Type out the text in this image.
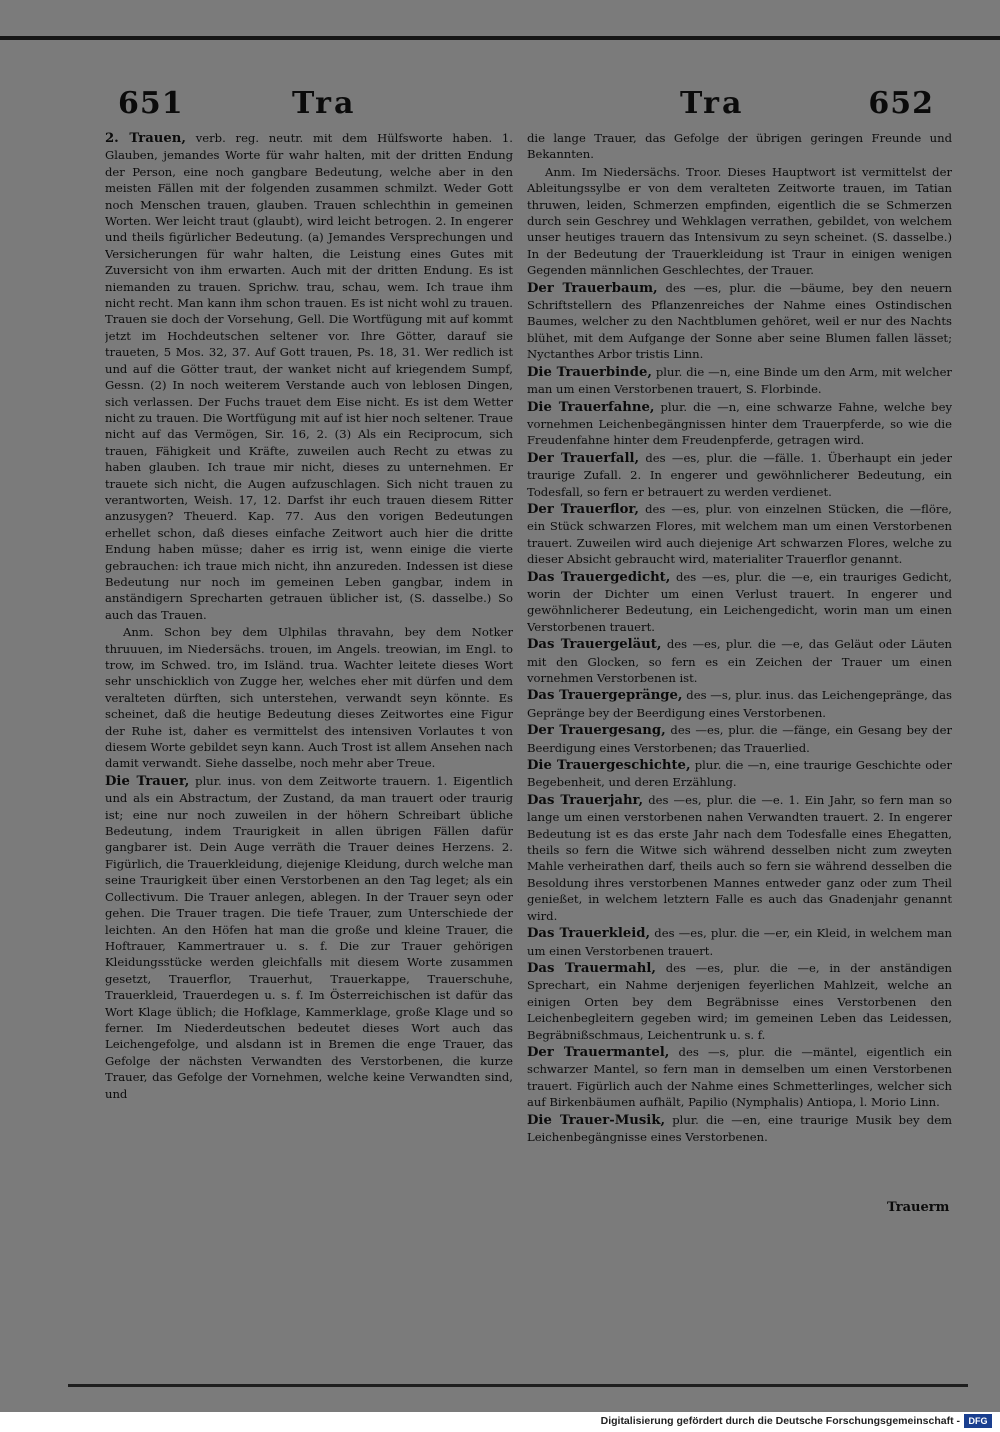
651	Tra	Tra	652

2. Trauen, verb. reg. neutr. mit dem Hülfsworte haben. 1. Glauben, jemandes Worte für wahr halten, mit der dritten Endung der Person, eine noch gangbare Bedeutung, welche aber in den meisten Fällen mit der folgenden zusammen schmilzt. Weder Gott noch Menschen trauen, glauben. Trauen schlechthin in gemeinen Worten. Wer leicht traut (glaubt), wird leicht betrogen. 2. In engerer und theils figürlicher Bedeutung. (a) Jemandes Versprechungen und Versicherungen für wahr halten, die Leistung eines Gutes mit Zuversicht von ihm erwarten. Auch mit der dritten Endung. Es ist niemanden zu trauen. Sprichw. trau, schau, wem. Ich traue ihm nicht recht. Man kann ihm schon trauen. Es ist nicht wohl zu trauen. Trauen sie doch der Vorsehung, Gell. Die Wortfügung mit auf kommt jetzt im Hochdeutschen seltener vor. Ihre Götter, darauf sie traueten, 5 Mos. 32, 37. Auf Gott trauen, Ps. 18, 31. Wer redlich ist und auf die Götter traut, der wanket nicht auf kriegendem Sumpf, Gessn. (2) In noch weiterem Verstande auch von leblosen Dingen, sich verlassen. Der Fuchs trauet dem Eise nicht. Es ist dem Wetter nicht zu trauen. Die Wortfügung mit auf ist hier noch seltener. Traue nicht auf das Vermögen, Sir. 16, 2. (3) Als ein Reciprocum, sich trauen, Fähigkeit und Kräfte, zuweilen auch Recht zu etwas zu haben glauben. Ich traue mir nicht, dieses zu unternehmen. Er trauete sich nicht, die Augen aufzuschlagen. Sich nicht trauen zu verantworten, Weish. 17, 12. Darfst ihr euch trauen diesem Ritter anzusygen? Theuerd. Kap. 77. Aus den vorigen Bedeutungen erhellet schon, daß dieses einfache Zeitwort auch hier die dritte Endung haben müsse; daher es irrig ist, wenn einige die vierte gebrauchen: ich traue mich nicht, ihn anzureden. Indessen ist diese Bedeutung nur noch im gemeinen Leben gangbar, indem in anständigern Sprecharten getrauen üblicher ist, (S. dasselbe.) So auch das Trauen.

Anm. Schon bey dem Ulphilas thravahn, bey dem Notker thruuuen, im Niedersächs. trouen, im Angels. treowian, im Engl. to trow, im Schwed. tro, im Isländ. trua. Wachter leitete dieses Wort sehr unschicklich von Zugge her, welches eher mit dürfen und dem veralteten dürften, sich unterstehen, verwandt seyn könnte. Es scheinet, daß die heutige Bedeutung dieses Zeitwortes eine Figur der Ruhe ist, daher es vermittelst des intensiven Vorlautes t von diesem Worte gebildet seyn kann. Auch Trost ist allem Ansehen nach damit verwandt. Siehe dasselbe, noch mehr aber Treue.

Die Trauer, plur. inus. von dem Zeitworte trauern. 1. Eigentlich und als ein Abstractum, der Zustand, da man trauert oder traurig ist; eine nur noch zuweilen in der höhern Schreibart übliche Bedeutung, indem Traurigkeit in allen übrigen Fällen dafür gangbarer ist. Dein Auge verräth die Trauer deines Herzens. 2. Figürlich, die Trauerkleidung, diejenige Kleidung, durch welche man seine Traurigkeit über einen Verstorbenen an den Tag leget; als ein Collectivum. Die Trauer anlegen, ablegen. In der Trauer seyn oder gehen. Die Trauer tragen. Die tiefe Trauer, zum Unterschiede der leichten. An den Höfen hat man die große und kleine Trauer, die Hoftrauer, Kammertrauer u. s. f. Die zur Trauer gehörigen Kleidungsstücke werden gleichfalls mit diesem Worte zusammen gesetzt, Trauerflor, Trauerhut, Trauerkappe, Trauerschuhe, Trauerkleid, Trauerdegen u. s. f. Im Österreichischen ist dafür das Wort Klage üblich; die Hofklage, Kammerklage, große Klage und so ferner. Im Niederdeutschen bedeutet dieses Wort auch das Leichengefolge, und alsdann ist in Bremen die enge Trauer, das Gefolge der nächsten Verwandten des Verstorbenen, die kurze Trauer, das Gefolge der Vornehmen, welche keine Verwandten sind, und

die lange Trauer, das Gefolge der übrigen geringen Freunde und Bekannten.

Anm. Im Niedersächs. Troor. Dieses Hauptwort ist vermittelst der Ableitungssylbe er von dem veralteten Zeitworte trauen, im Tatian thruwen, leiden, Schmerzen empfinden, eigentlich die se Schmerzen durch sein Geschrey und Wehklagen verrathen, gebildet, von welchem unser heutiges trauern das Intensivum zu seyn scheinet. (S. dasselbe.) In der Bedeutung der Trauerkleidung ist Traur in einigen wenigen Gegenden männlichen Geschlechtes, der Trauer.

Der Trauerbaum, des —es, plur. die —bäume, bey den neuern Schriftstellern des Pflanzenreiches der Nahme eines Ostindischen Baumes, welcher zu den Nachtblumen gehöret, weil er nur des Nachts blühet, mit dem Aufgange der Sonne aber seine Blumen fallen lässet; Nyctanthes Arbor tristis Linn.

Die Trauerbinde, plur. die —n, eine Binde um den Arm, mit welcher man um einen Verstorbenen trauert, S. Florbinde.

Die Trauerfahne, plur. die —n, eine schwarze Fahne, welche bey vornehmen Leichenbegängnissen hinter dem Trauerpferde, so wie die Freudenfahne hinter dem Freudenpferde, getragen wird.

Der Trauerfall, des —es, plur. die —fälle. 1. Überhaupt ein jeder traurige Zufall. 2. In engerer und gewöhnlicherer Bedeutung, ein Todesfall, so fern er betrauert zu werden verdienet.

Der Trauerflor, des —es, plur. von einzelnen Stücken, die —flöre, ein Stück schwarzen Flores, mit welchem man um einen Verstorbenen trauert. Zuweilen wird auch diejenige Art schwarzen Flores, welche zu dieser Absicht gebraucht wird, materialiter Trauerflor genannt.

Das Trauergedicht, des —es, plur. die —e, ein trauriges Gedicht, worin der Dichter um einen Verlust trauert. In engerer und gewöhnlicherer Bedeutung, ein Leichengedicht, worin man um einen Verstorbenen trauert.

Das Trauergeläut, des —es, plur. die —e, das Geläut oder Läuten mit den Glocken, so fern es ein Zeichen der Trauer um einen vornehmen Verstorbenen ist.

Das Trauergepränge, des —s, plur. inus. das Leichengepränge, das Gepränge bey der Beerdigung eines Verstorbenen.

Der Trauergesang, des —es, plur. die —fänge, ein Gesang bey der Beerdigung eines Verstorbenen; das Trauerlied.

Die Trauergeschichte, plur. die —n, eine traurige Geschichte oder Begebenheit, und deren Erzählung.

Das Trauerjahr, des —es, plur. die —e. 1. Ein Jahr, so fern man so lange um einen verstorbenen nahen Verwandten trauert. 2. In engerer Bedeutung ist es das erste Jahr nach dem Todesfalle eines Ehegatten, theils so fern die Witwe sich während desselben nicht zum zweyten Mahle verheirathen darf, theils auch so fern sie während desselben die Besoldung ihres verstorbenen Mannes entweder ganz oder zum Theil genießet, in welchem letztern Falle es auch das Gnadenjahr genannt wird.

Das Trauerkleid, des —es, plur. die —er, ein Kleid, in welchem man um einen Verstorbenen trauert.

Das Trauermahl, des —es, plur. die —e, in der anständigen Sprechart, ein Nahme derjenigen feyerlichen Mahlzeit, welche an einigen Orten bey dem Begräbnisse eines Verstorbenen den Leichenbegleitern gegeben wird; im gemeinen Leben das Leidessen, Begräbnißschmaus, Leichentrunk u. s. f.

Der Trauermantel, des —s, plur. die —mäntel, eigentlich ein schwarzer Mantel, so fern man in demselben um einen Verstorbenen trauert. Figürlich auch der Nahme eines Schmetterlinges, welcher sich auf Birkenbäumen aufhält, Papilio (Nymphalis) Antiopa, l. Morio Linn.

Die Trauer-Musik, plur. die —en, eine traurige Musik bey dem Leichenbegängnisse eines Verstorbenen.

Trauerm
Digitalisierung gefördert durch die Deutsche Forschungsgemeinschaft - DFG
